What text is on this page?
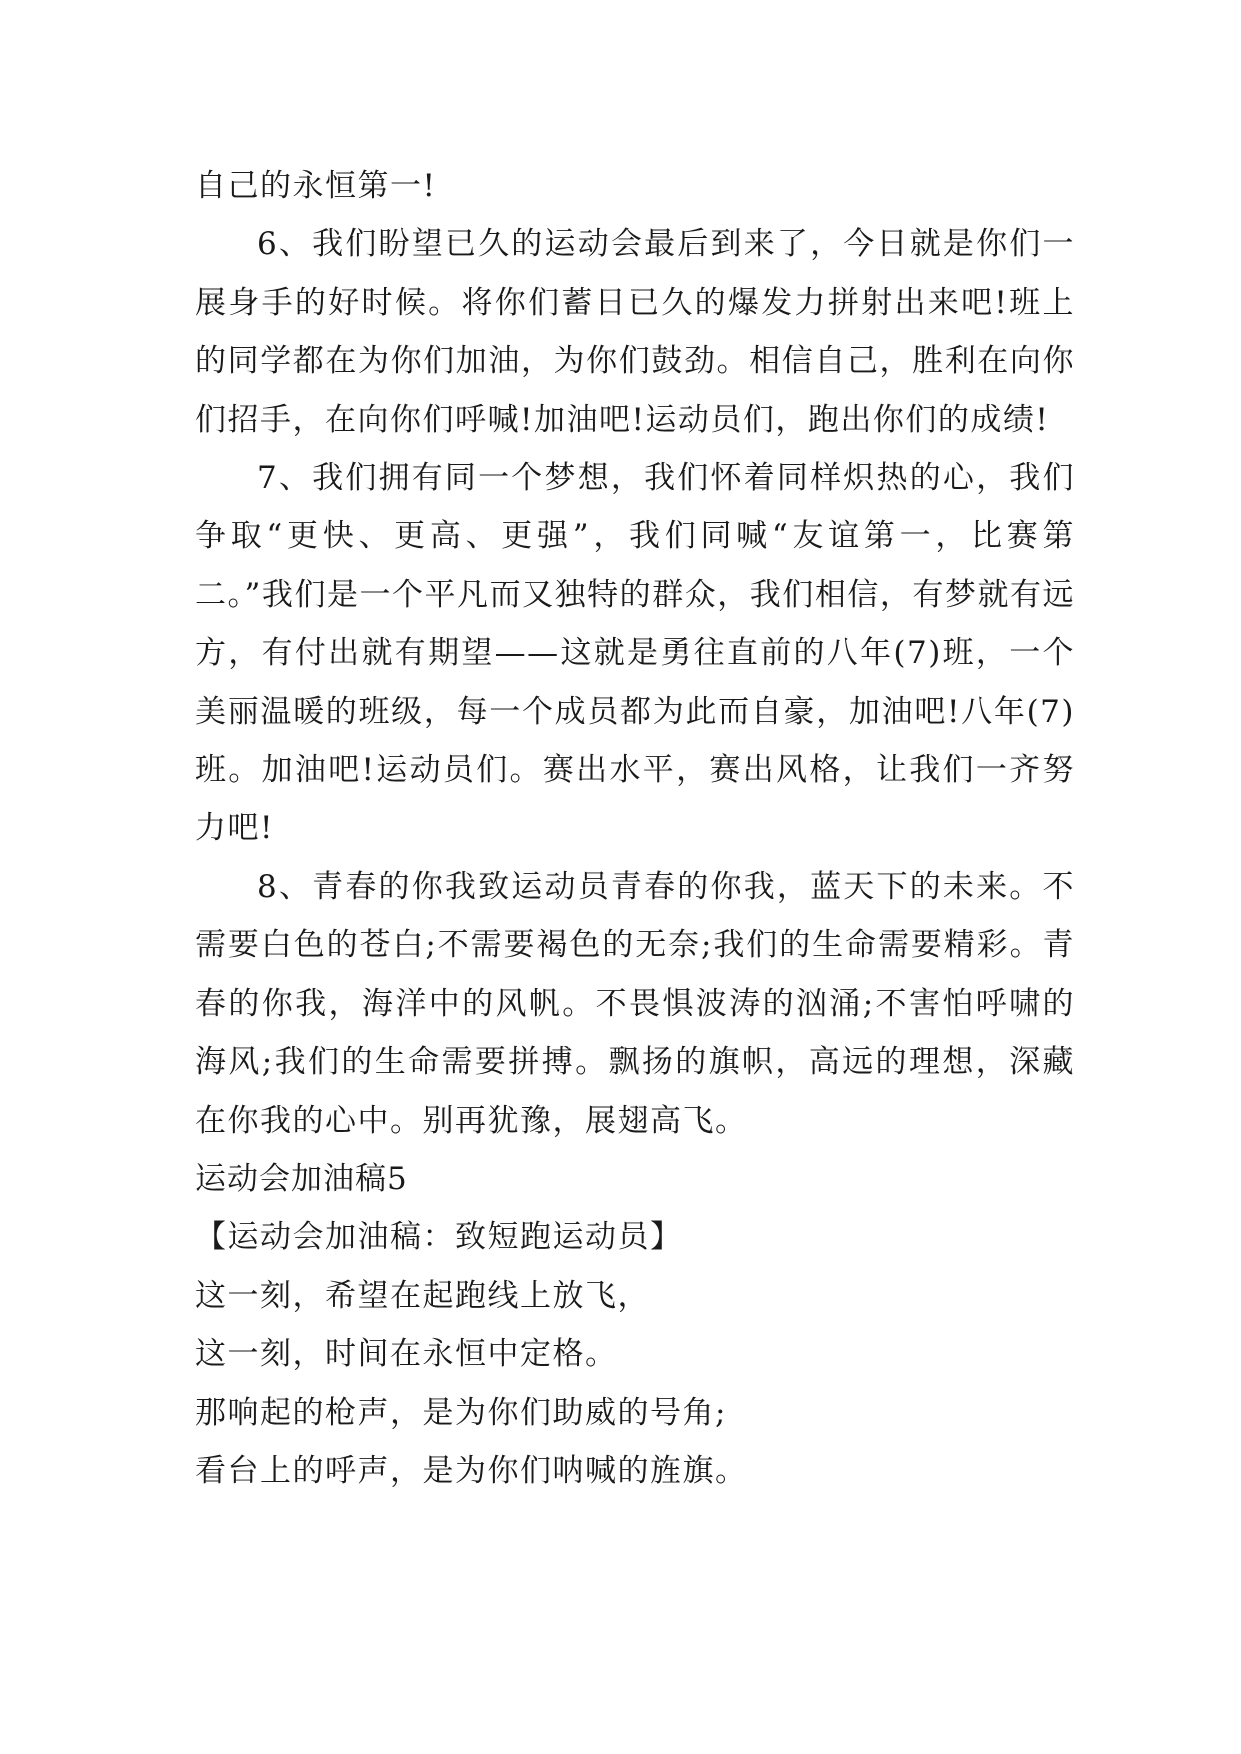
自己的永恒第一!

6、我们盼望已久的运动会最后到来了，今日就是你们一展身手的好时候。将你们蓄日已久的爆发力拼射出来吧!班上的同学都在为你们加油，为你们鼓劲。相信自己，胜利在向你们招手，在向你们呼喊!加油吧!运动员们，跑出你们的成绩!

7、我们拥有同一个梦想，我们怀着同样炽热的心，我们争取“更快、更高、更强”，我们同喊“友谊第一，比赛第二。”我们是一个平凡而又独特的群众，我们相信，有梦就有远方，有付出就有期望——这就是勇往直前的八年(7)班，一个美丽温暖的班级，每一个成员都为此而自豪，加油吧!八年(7)班。加油吧!运动员们。赛出水平，赛出风格，让我们一齐努力吧!

8、青春的你我致运动员青春的你我，蓝天下的未来。不需要白色的苍白;不需要褐色的无奈;我们的生命需要精彩。青春的你我，海洋中的风帆。不畏惧波涛的汹涌;不害怕呼啸的海风;我们的生命需要拼搏。飘扬的旗帜，高远的理想，深藏在你我的心中。别再犹豫，展翅高飞。

运动会加油稿5

【运动会加油稿：致短跑运动员】

这一刻，希望在起跑线上放飞，

这一刻，时间在永恒中定格。

那响起的枪声，是为你们助威的号角;

看台上的呼声，是为你们呐喊的旌旗。
